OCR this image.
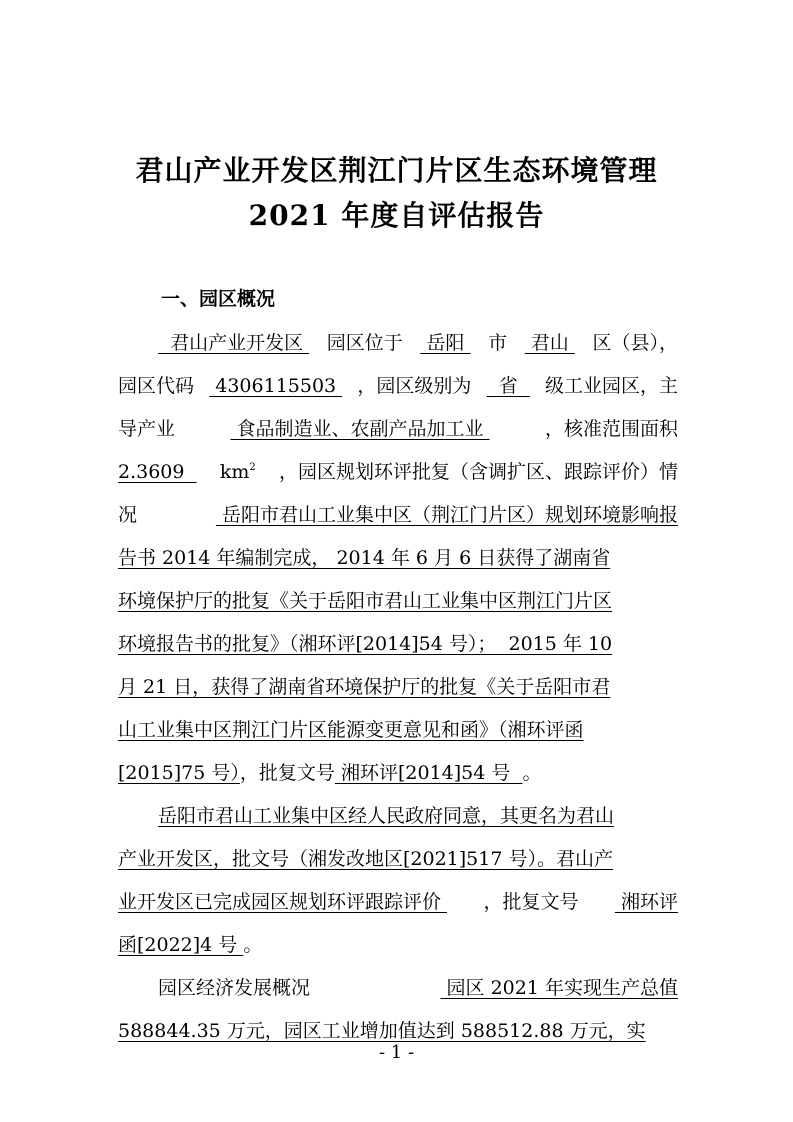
君山产业开发区荆江门片区生态环境管理
2021 年度自评估报告
一、园区概况
君山产业开发区 园区位于 岳阳 市 君山 区（县），
园区代码 4306115503 ，园区级别为 省 级工业园区，主
导产业	食品制造业、农副产品加工业	，核准范围面积
2.3609 $km^2$ ，园区规划环评批复（含调扩区、跟踪评价）情
况	岳阳市君山工业集中区（荆江门片区）规划环境影响报
告书 2014 年编制完成， 2014 年 6 月 6 日获得了湖南省
环境保护厅的批复《关于岳阳市君山工业集中区荆江门片区
环境报告书的批复》（湘环评[2014]54 号）；  2015 年 10
月 21 日，获得了湖南省环境保护厅的批复《关于岳阳市君
山工业集中区荆江门片区能源变更意见和函》（湘环评函
[2015]75 号），批复文号 湘环评[2014]54 号  。
岳阳市君山工业集中区经人民政府同意，其更名为君山
产业开发区，批文号（湘发改地区[2021]517 号）。君山产
业开发区已完成园区规划环评跟踪评价 ，批复文号 湘环评
函[2022]4 号 。
园区经济发展概况	园区 2021 年实现生产总值
588844.35 万元，园区工业增加值达到 588512.88 万元，实
- 1 -
